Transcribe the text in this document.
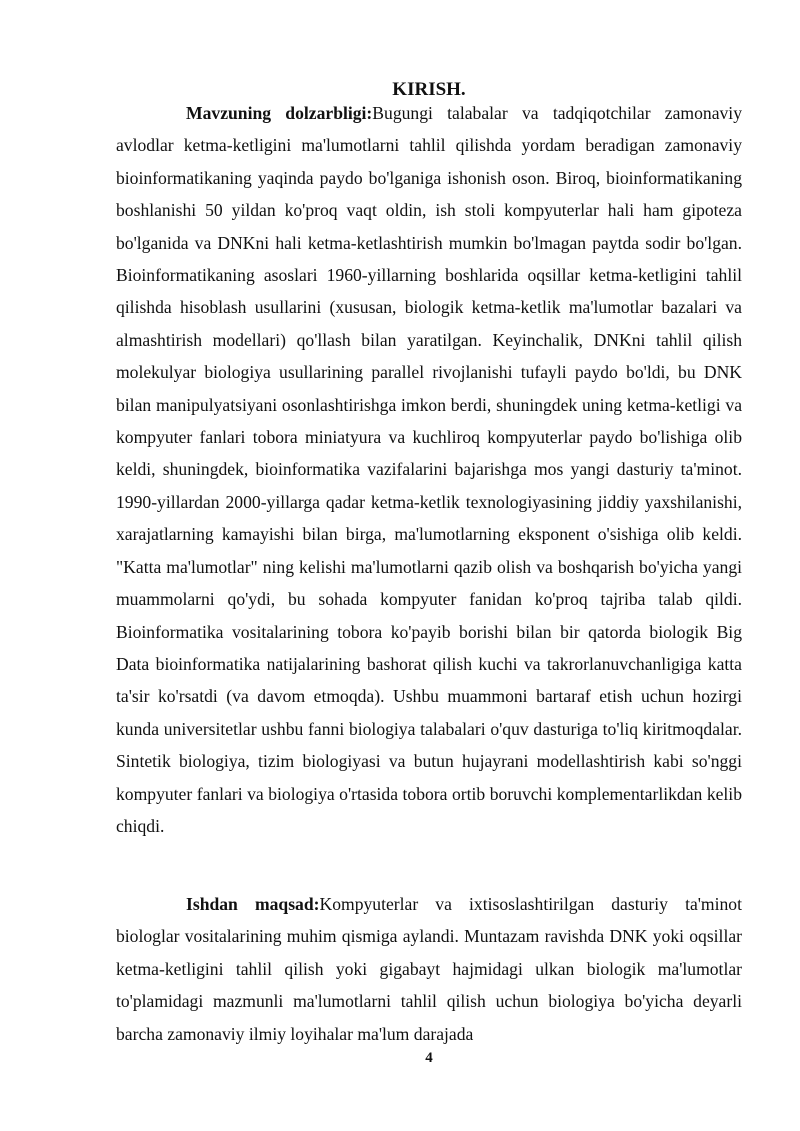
KIRISH.

Mavzuning dolzarbligi:Bugungi talabalar va tadqiqotchilar zamonaviy avlodlar ketma-ketligini ma'lumotlarni tahlil qilishda yordam beradigan zamonaviy bioinformatikaning yaqinda paydo bo'lganiga ishonish oson. Biroq, bioinformatikaning boshlanishi 50 yildan ko'proq vaqt oldin, ish stoli kompyuterlar hali ham gipoteza bo'lganida va DNKni hali ketma-ketlashtirish mumkin bo'lmagan paytda sodir bo'lgan. Bioinformatikaning asoslari 1960-yillarning boshlarida oqsillar ketma-ketligini tahlil qilishda hisoblash usullarini (xususan, biologik ketma-ketlik ma'lumotlar bazalari va almashtirish modellari) qo'llash bilan yaratilgan. Keyinchalik, DNKni tahlil qilish molekulyar biologiya usullarining parallel rivojlanishi tufayli paydo bo'ldi, bu DNK bilan manipulyatsiyani osonlashtirishga imkon berdi, shuningdek uning ketma-ketligi va kompyuter fanlari tobora miniatyura va kuchliroq kompyuterlar paydo bo'lishiga olib keldi, shuningdek, bioinformatika vazifalarini bajarishga mos yangi dasturiy ta'minot. 1990-yillardan 2000-yillarga qadar ketma-ketlik texnologiyasining jiddiy yaxshilanishi, xarajatlarning kamayishi bilan birga, ma'lumotlarning eksponent o'sishiga olib keldi. "Katta ma'lumotlar" ning kelishi ma'lumotlarni qazib olish va boshqarish bo'yicha yangi muammolarni qo'ydi, bu sohada kompyuter fanidan ko'proq tajriba talab qildi. Bioinformatika vositalarining tobora ko'payib borishi bilan bir qatorda biologik Big Data bioinformatika natijalarining bashorat qilish kuchi va takrorlanuvchanligiga katta ta'sir ko'rsatdi (va davom etmoqda). Ushbu muammoni bartaraf etish uchun hozirgi kunda universitetlar ushbu fanni biologiya talabalari o'quv dasturiga to'liq kiritmoqdalar. Sintetik biologiya, tizim biologiyasi va butun hujayrani modellashtirish kabi so'nggi kompyuter fanlari va biologiya o'rtasida tobora ortib boruvchi komplementarlikdan kelib chiqdi.

Ishdan maqsad:Kompyuterlar va ixtisoslashtirilgan dasturiy ta'minot biologlar vositalarining muhim qismiga aylandi. Muntazam ravishda DNK yoki oqsillar ketma-ketligini tahlil qilish yoki gigabayt hajmidagi ulkan biologik ma'lumotlar to'plamidagi mazmunli ma'lumotlarni tahlil qilish uchun biologiya bo'yicha deyarli barcha zamonaviy ilmiy loyihalar ma'lum darajada

4
